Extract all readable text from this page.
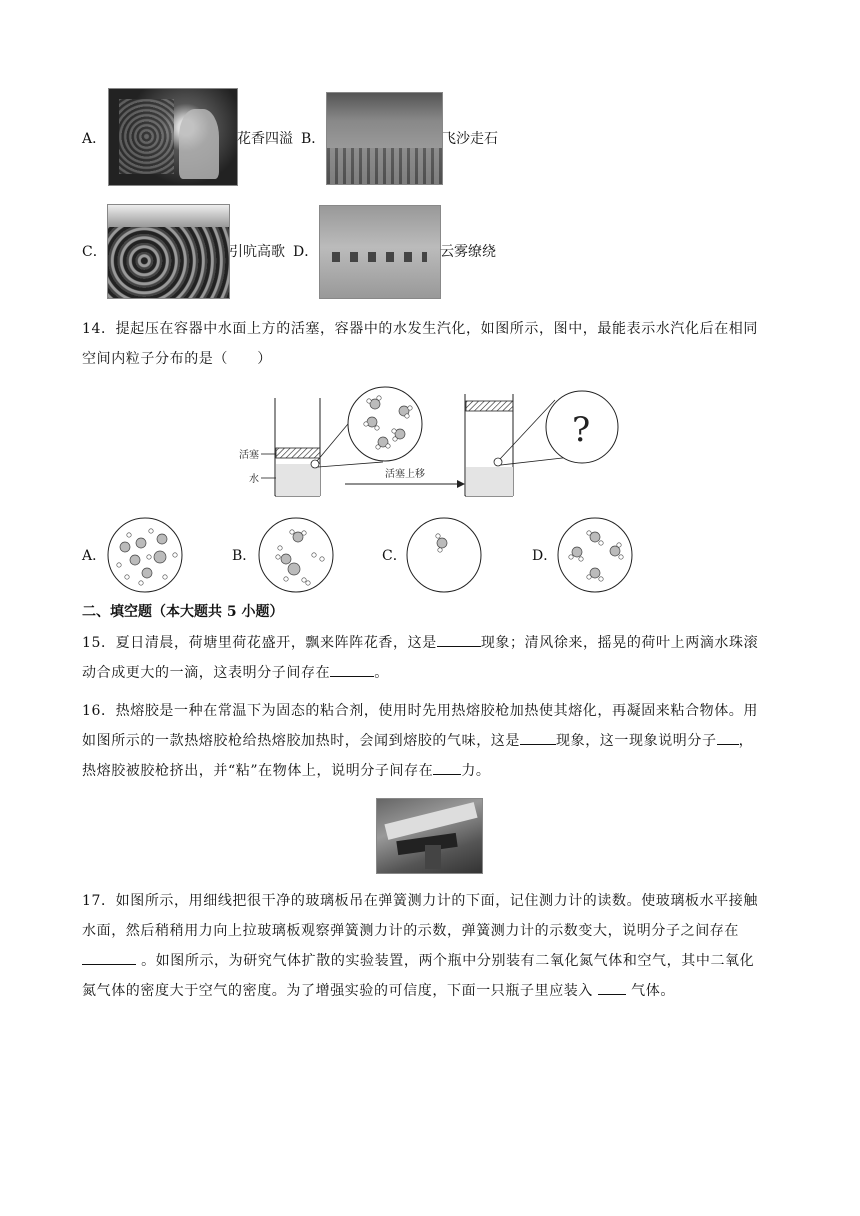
A．	花香四溢 B．	飞沙走石
C．	引吭高歌 D．	云雾缭绕
14．提起压在容器中水面上方的活塞，容器中的水发生汽化，如图所示，图中，最能表示水汽化后在相同
空间内粒子分布的是（　　）
活塞
水	活塞上移
?
A．	B．	C．	D．
二、填空题（本大题共 5 小题）
15．夏日清晨，荷塘里荷花盛开，飘来阵阵花香，这是	现象；清风徐来，摇晃的荷叶上两滴水珠滚
动合成更大的一滴，这表明分子间存在	。
16．热熔胶是一种在常温下为固态的粘合剂，使用时先用热熔胶枪加热使其熔化，再凝固来粘合物体。用
如图所示的一款热熔胶枪给热熔胶加热时，会闻到熔胶的气味，这是	现象，这一现象说明分子 ，
热熔胶被胶枪挤出，并“粘”在物体上，说明分子间存在 力。
17．如图所示，用细线把很干净的玻璃板吊在弹簧测力计的下面，记住测力计的读数。使玻璃板水平接触
水面，然后稍稍用力向上拉玻璃板观察弹簧测力计的示数，弹簧测力计的示数变大，说明分子之间存在
。如图所示，为研究气体扩散的实验装置，两个瓶中分别装有二氧化氮气体和空气，其中二氧化
氮气体的密度大于空气的密度。为了增强实验的可信度，下面一只瓶子里应装入	气体。
